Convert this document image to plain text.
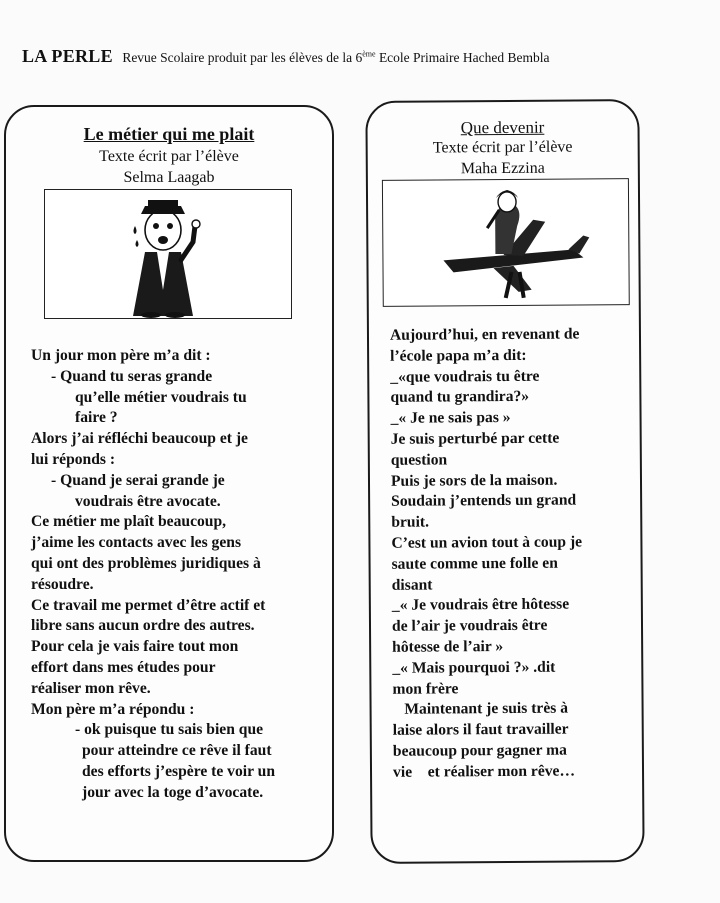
LA PERLE Revue Scolaire produit par les élèves de la 6ème Ecole Primaire Hached Bembla
Le métier qui me plait
Texte écrit par l’élève
Selma Laagab
Un jour mon père m’a dit :
- Quand tu seras grande
qu’elle métier voudrais tu
faire ?
Alors j’ai réfléchi beaucoup et je
lui réponds :
- Quand je serai grande je
voudrais être avocate.
Ce métier me plaît beaucoup,
j’aime les contacts avec les gens
qui ont des problèmes juridiques à
résoudre.
Ce travail me permet d’être actif et
libre sans aucun ordre des autres.
Pour cela je vais faire tout mon
effort dans mes études pour
réaliser mon rêve.
Mon père m’a répondu :
- ok puisque tu sais bien que
pour atteindre ce rêve il faut
des efforts j’espère te voir un
jour avec la toge d’avocate.
Que devenir
Texte écrit par l’élève
Maha Ezzina
Aujourd’hui, en revenant de
l’école papa m’a dit:
_«que voudrais tu être
quand tu grandira?»
_« Je ne sais pas »
Je suis perturbé par cette
question
Puis je sors de la maison.
Soudain j’entends un grand
bruit.
C’est un avion tout à coup je
saute comme une folle en
disant
_« Je voudrais être hôtesse
de l’air je voudrais être
hôtesse de l’air »
_« Mais pourquoi ?» .dit
mon frère
Maintenant je suis très à
laise alors il faut travailler
beaucoup pour gagner ma
vie    et réaliser mon rêve…
